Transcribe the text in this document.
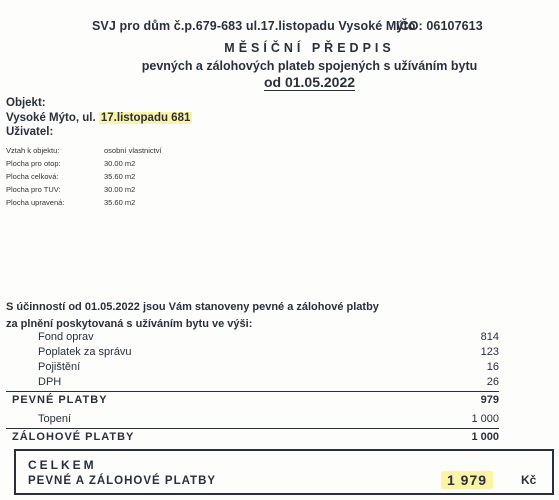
SVJ pro dům č.p.679-683 ul.17.listopadu Vysoké Mýto
IČO: 06107613
MĚSÍČNÍ PŘEDPIS
pevných a zálohových plateb spojených s užíváním bytu
od 01.05.2022
Objekt:
Vysoké Mýto, ul. 17.listopadu 681
Uživatel:
Vztah k objektu:	osobní vlastnictví
Plocha pro otop:	30.00 m2
Plocha celková:	35.60 m2
Plocha pro TUV:	30.00 m2
Plocha upravená:	35.60 m2
S účinností od 01.05.2022 jsou Vám stanoveny pevné a zálohové platby za plnění poskytovaná s užíváním bytu ve výši:
Fond oprav	814
Poplatek za správu	123
Pojištění	16
DPH	26
PEVNÉ PLATBY	979
Topení	1 000
ZÁLOHOVÉ PLATBY	1 000
CELKEM
PEVNÉ A ZÁLOHOVÉ PLATBY	1 979	Kč
